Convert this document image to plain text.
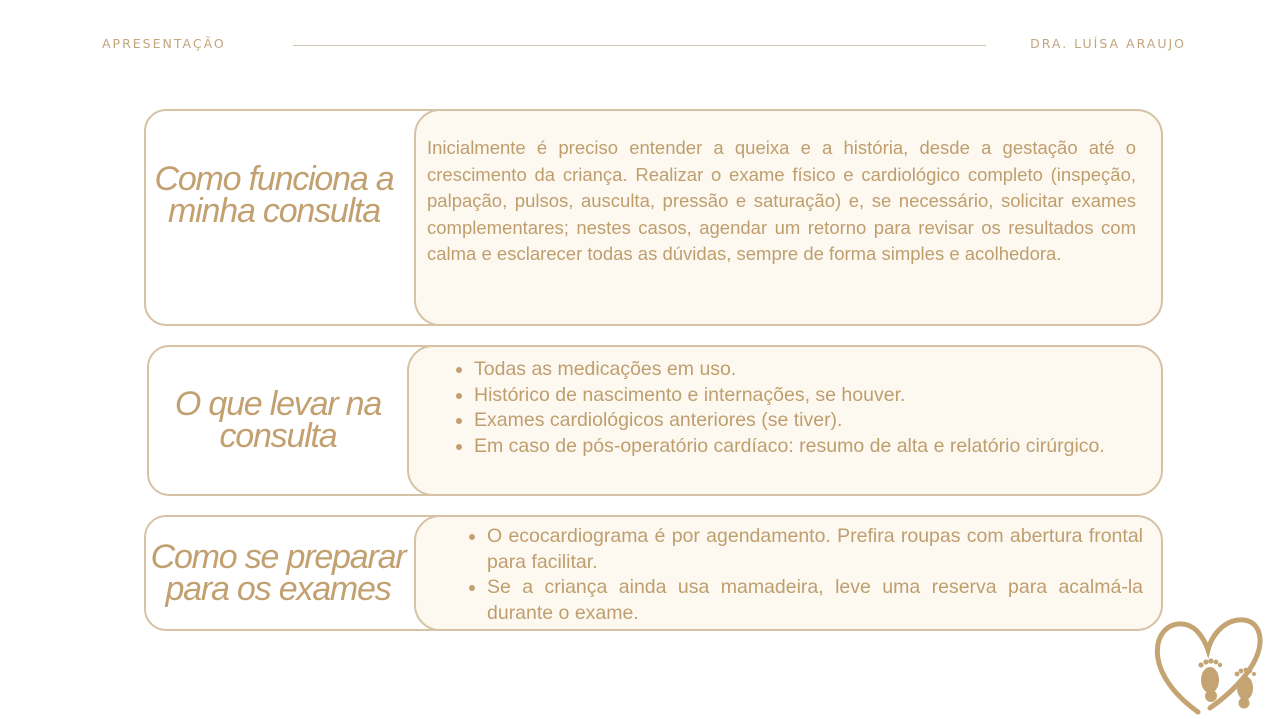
APRESENTAÇÃO	DRA. LUÍSA ARAUJO
Como funciona a minha consulta
Inicialmente é preciso entender a queixa e a história, desde a gestação até o crescimento da criança. Realizar o exame físico e cardiológico completo (inspeção, palpação, pulsos, ausculta, pressão e saturação) e, se necessário, solicitar exames complementares; nestes casos, agendar um retorno para revisar os resultados com calma e esclarecer todas as dúvidas, sempre de forma simples e acolhedora.
O que levar na consulta
• Todas as medicações em uso.
• Histórico de nascimento e internações, se houver.
• Exames cardiológicos anteriores (se tiver).
• Em caso de pós-operatório cardíaco: resumo de alta e relatório cirúrgico.
Como se preparar para os exames
• O ecocardiograma é por agendamento. Prefira roupas com abertura frontal para facilitar.
• Se a criança ainda usa mamadeira, leve uma reserva para acalmá-la durante o exame.
